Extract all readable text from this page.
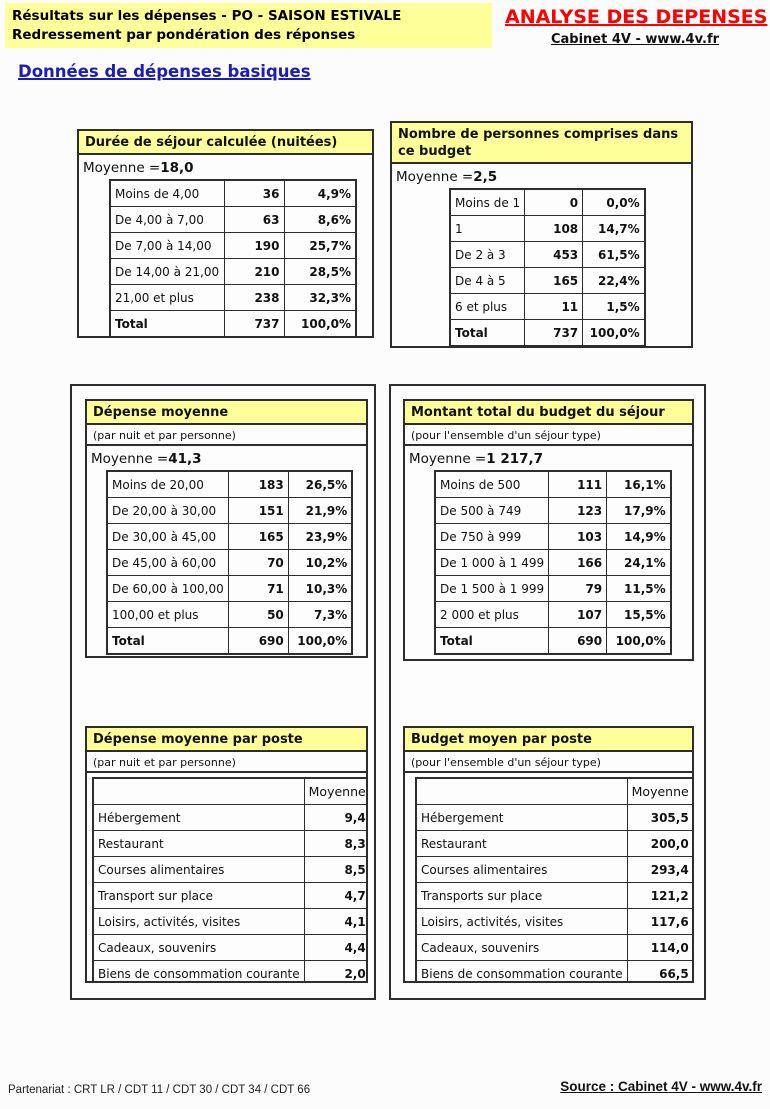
Résultats sur les dépenses - PO - SAISON ESTIVALE
Redressement par pondération des réponses
ANALYSE DES DEPENSES
Cabinet 4V - www.4v.fr
Données de dépenses basiques
Durée de séjour calculée (nuitées)
Moyenne =18,0
Moins de 4,00	36	4,9%
De 4,00 à 7,00	63	8,6%
De 7,00 à 14,00	190	25,7%
De 14,00 à 21,00	210	28,5%
21,00 et plus	238	32,3%
Total	737	100,0%
Nombre de personnes comprises dans ce budget
Moyenne =2,5
Moins de 1	0	0,0%
1	108	14,7%
De 2 à 3	453	61,5%
De 4 à 5	165	22,4%
6 et plus	11	1,5%
Total	737	100,0%
Dépense moyenne
(par nuit et par personne)
Moyenne =41,3
Moins de 20,00	183	26,5%
De 20,00 à 30,00	151	21,9%
De 30,00 à 45,00	165	23,9%
De 45,00 à 60,00	70	10,2%
De 60,00 à 100,00	71	10,3%
100,00 et plus	50	7,3%
Total	690	100,0%
Dépense moyenne par poste
(par nuit et par personne)
	Moyenne
Hébergement	9,4
Restaurant	8,3
Courses alimentaires	8,5
Transport sur place	4,7
Loisirs, activités, visites	4,1
Cadeaux, souvenirs	4,4
Biens de consommation courante	2,0
Montant total du budget du séjour
(pour l'ensemble d'un séjour type)
Moyenne =1 217,7
Moins de 500	111	16,1%
De 500 à 749	123	17,9%
De 750 à 999	103	14,9%
De 1 000 à 1 499	166	24,1%
De 1 500 à 1 999	79	11,5%
2 000 et plus	107	15,5%
Total	690	100,0%
Budget moyen par poste
(pour l'ensemble d'un séjour type)
	Moyenne
Hébergement	305,5
Restaurant	200,0
Courses alimentaires	293,4
Transports sur place	121,2
Loisirs, activités, visites	117,6
Cadeaux, souvenirs	114,0
Biens de consommation courante	66,5
Partenariat : CRT LR / CDT 11 / CDT 30 / CDT 34 / CDT 66	Source : Cabinet 4V - www.4v.fr
